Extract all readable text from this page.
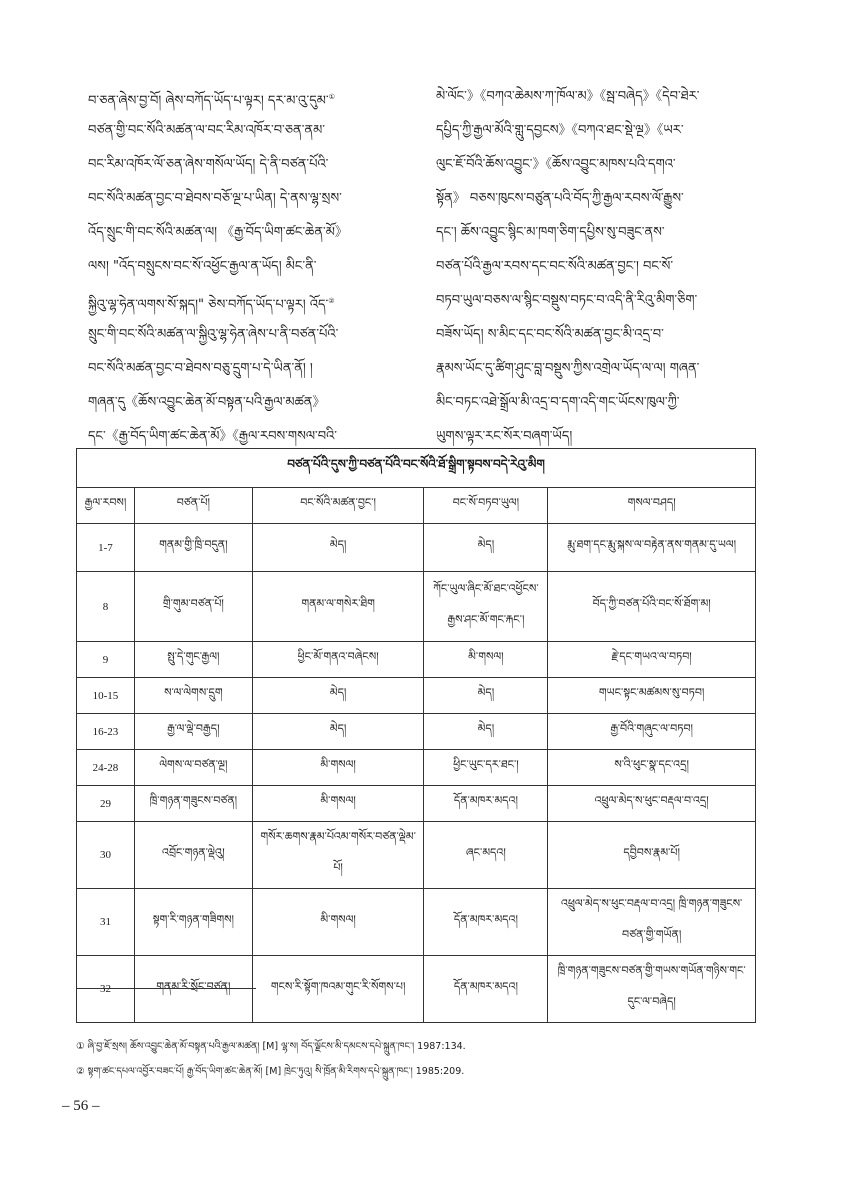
བ་ཅན་ཞེས་བྱ་བོ། ཞེས་བཀོད་ཡོད་པ་ལྟར། དར་མ་འུ་དུམ་①
བཙན་གྱི་བང་སོའི་མཚན་ལ་བང་རིམ་འཁོར་བ་ཅན་ནམ་
བང་རིམ་འཁོར་ལོ་ཅན་ཞེས་གསོལ་ཡོད། དེ་ནི་བཙན་པོའི་
བང་སོའི་མཚན་བྱང་བ་ཐེབས་བཅོ་ལྔ་པ་ཡིན། དེ་ནས་ལྷ་སྲས་
འོད་སྲུང་གི་བང་སོའི་མཚན་ལ། 《རྒྱ་བོད་ཡིག་ཚང་ཆེན་མོ》
ལས། "འོད་བསྲུངས་བང་སོ་འཕྱོང་རྒྱལ་ན་ཡོད། མིང་ནི་
སྐྱིའུ་ལྷ་ཧེན་ལགས་སོ་སྐད།" ཅེས་བཀོད་ཡོད་པ་ལྟར། འོད་②
སྲུང་གི་བང་སོའི་མཚན་ལ་སྐྱིའུ་ལྷ་ཧེན་ཞེས་པ་ནི་བཙན་པོའི་
བང་སོའི་མཚན་བྱང་བ་ཐེབས་བཅུ་དྲུག་པ་དེ་ཡིན་ནོ། །
གཞན་དུ《ཆོས་འབྱུང་ཆེན་མོ་བསྟན་པའི་རྒྱལ་མཚན》
དང་《རྒྱ་བོད་ཡིག་ཚང་ཆེན་མོ》《རྒྱལ་རབས་གསལ་བའི་
མེ་ལོང་》《བཀའ་ཆེམས་ཀ་ཁོལ་མ》《སྦ་བཞེད》《དེབ་ཐེར་
དཔྱིད་ཀྱི་རྒྱལ་མོའི་གླུ་དབྱངས》《བཀའ་ཐང་སྡེ་ལྔ》《ཡར་
ལུང་ཇོ་བོའི་ཆོས་འབྱུང་》《ཆོས་འབྱུང་མཁས་པའི་དགའ་
སྟོན》 བཅས་ཁུངས་བཙུན་པའི་བོད་ཀྱི་རྒྱལ་རབས་ལོ་རྒྱུས་
དང་། ཆོས་འབྱུང་སྙིང་མ་ཁག་ཅིག་དཔྱིས་སུ་བཟུང་ནས་
བཙན་པོའི་རྒྱལ་རབས་དང་བང་སོའི་མཚན་བྱང་། བང་སོ་
བཏབ་ཡུལ་བཅས་ལ་སྙིང་བསྡུས་བཏང་བ་འདི་ནི་རིའུ་མིག་ཅིག་
བཟོས་ཡོད། ས་མིང་དང་བང་སོའི་མཚན་བྱང་མི་འདྲ་བ་
རྣམས་ཡོང་དུ་ཚིག་ཤུང་བླ་བསྡུས་ཀྱིས་འགྲེལ་ཡོད་ལ་ལ། གཞན་
མིང་བཏང་འཐེ་སྒྲོལ་མི་འདྲ་བ་དག་འདི་གང་ཡོངས་ཁུལ་ཀྱི་
ཡུགས་ལྟར་རང་སོར་བཞག་ཡོད།
བཙན་པོའི་དུས་ཀྱི་བཙན་པོའི་བང་སོའི་ཐོ་སྒྲིག་སྟབས་བདེ་རེའུ་མིག				
རྒྱལ་རབས།	བཙན་པོ།	བང་སོའི་མཚན་བྱང་།	བང་སོ་བཏབ་ཡུལ།	གསལ་བཤད།
1-7	གནམ་གྱི་ཁྲི་བདུན།	མེད།	མེད།	རྨུ་ཐག་དང་རྨུ་སྐས་ལ་བརྟེན་ནས་གནམ་དུ་ཡལ།
8	གྲི་གུམ་བཙན་པོ།	གནམ་ལ་གསེར་ཐིག	ཀོང་ཡུལ་ཞིང་མོ་ཐང་འཕྱོངས་རྒྱས་ཤང་མོ་གང་རྐང་།	བོད་ཀྱི་བཙན་པོའི་བང་སོ་ཐོག་མ།
9	སྤུ་དེ་གུང་རྒྱལ།	ཕྱིང་མོ་གནའ་བཞེངས།	མི་གསལ།	རྗེ་དང་གཡའ་ལ་བཏབ།
10-15	ས་ལ་ལེགས་དྲུག	མེད།	མེད།	གཡང་སྟང་མཚམས་སུ་བཏབ།
16-23	རྒྱ་ལ་ལྡེ་བརྒྱད།	མེད།	མེད།	རྒྱ་བོའི་གཞུང་ལ་བཏབ།
24-28	ལེགས་ལ་བཙན་ལྔ།	མི་གསལ།	ཕྱིང་ཡུང་དར་ཐང་།	ས་འི་ཕུང་སྣ་དང་འདྲ།
29	ཁྲི་གཉན་གཟུངས་བཙན།	མི་གསལ།	དོན་མཁར་མདའ།	འཕྲུལ་མེད་ས་ཕུང་བརྡལ་བ་འདྲ།
30	འབྲོང་གཉན་ལྡེའུ།	གསོར་ཆགས་རྣམ་པོའམ་གསོར་བཙན་ལྡེམ་པོ།	ཞང་མདའ།	དབྱིབས་རྣམ་པོ།
31	སྟག་རི་གཉན་གཟིགས།	མི་གསལ།	དོན་མཁར་མདའ།	འཕྲུལ་མེད་ས་ཕུང་བརྡལ་བ་འདྲ། ཁྲི་གཉན་གཟུངས་བཙན་གྱི་གཡོན།
32	གནམ་རི་སྲོང་བཙན།	གངས་རི་སྟོག་ཁའམ་གུང་རི་སོགས་པ།	དོན་མཁར་མདའ།	ཁྲི་གཉན་གཟུངས་བཙན་གྱི་གཡས་གཡོན་གཉིས་གང་དུང་ལ་བཞེད།
① ཞི་བྱ་ཇོ་སྲས། ཆོས་འབྱུང་ཆེན་མོ་བསྟན་པའི་རྒྱལ་མཚན། [M] ལྷ་ས། བོད་ལྗོངས་མི་དམངས་དཔེ་སྐྲུན་ཁང་། 1987:134.
② སྟག་ཚང་དཔལ་འབྱོར་བཟང་པོ། རྒྱ་བོད་ཡིག་ཚང་ཆེན་མོ། [M] ཁྲེང་ཏུའུ། སི་ཁྲོན་མི་རིགས་དཔེ་སྐྲུན་ཁང་། 1985:209.
– 56 –
